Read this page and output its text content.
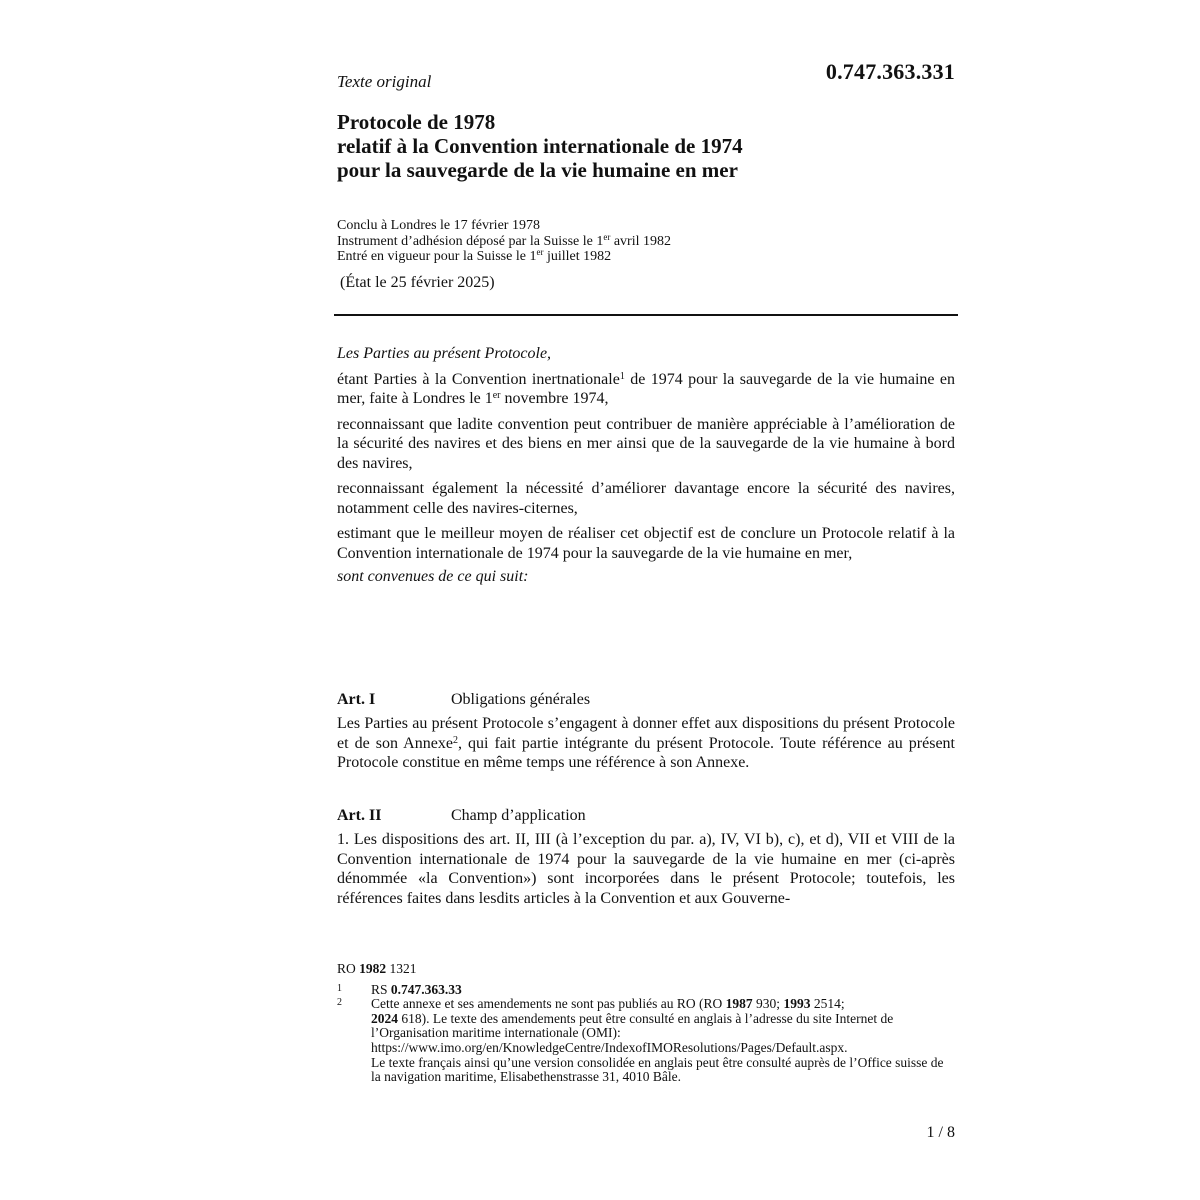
Texte original	0.747.363.331
Protocole de 1978
relatif à la Convention internationale de 1974
pour la sauvegarde de la vie humaine en mer
Conclu à Londres le 17 février 1978
Instrument d’adhésion déposé par la Suisse le 1er avril 1982
Entré en vigueur pour la Suisse le 1er juillet 1982
(État le 25 février 2025)

Les Parties au présent Protocole,

étant Parties à la Convention inertnationale$^1$ de 1974 pour la sauvegarde de la vie humaine en mer, faite à Londres le 1er novembre 1974,

reconnaissant que ladite convention peut contribuer de manière appréciable à l’amélioration de la sécurité des navires et des biens en mer ainsi que de la sauvegarde de la vie humaine à bord des navires,

reconnaissant également la nécessité d’améliorer davantage encore la sécurité des navires, notamment celle des navires-citernes,

estimant que le meilleur moyen de réaliser cet objectif est de conclure un Protocole relatif à la Convention internationale de 1974 pour la sauvegarde de la vie humaine en mer,

sont convenues de ce qui suit:

Art. I	Obligations générales

Les Parties au présent Protocole s’engagent à donner effet aux dispositions du présent Protocole et de son Annexe$^2$, qui fait partie intégrante du présent Protocole. Toute référence au présent Protocole constitue en même temps une référence à son Annexe.

Art. II	Champ d’application

1. Les dispositions des art. II, III (à l’exception du par. a), IV, VI b), c), et d), VII et VIII de la Convention internationale de 1974 pour la sauvegarde de la vie humaine en mer (ci-après dénommée «la Convention») sont incorporées dans le présent Protocole; toutefois, les références faites dans lesdits articles à la Convention et aux Gouverne-

RO 1982 1321
1	RS 0.747.363.33
2	Cette annexe et ses amendements ne sont pas publiés au RO (RO 1987 930; 1993 2514;
2024 618). Le texte des amendements peut être consulté en anglais à l’adresse du site Internet de l’Organisation maritime internationale (OMI):
https://www.imo.org/en/KnowledgeCentre/IndexofIMOResolutions/Pages/Default.aspx.
Le texte français ainsi qu’une version consolidée en anglais peut être consulté auprès de l’Office suisse de la navigation maritime, Elisabethenstrasse 31, 4010 Bâle.
1 / 8
